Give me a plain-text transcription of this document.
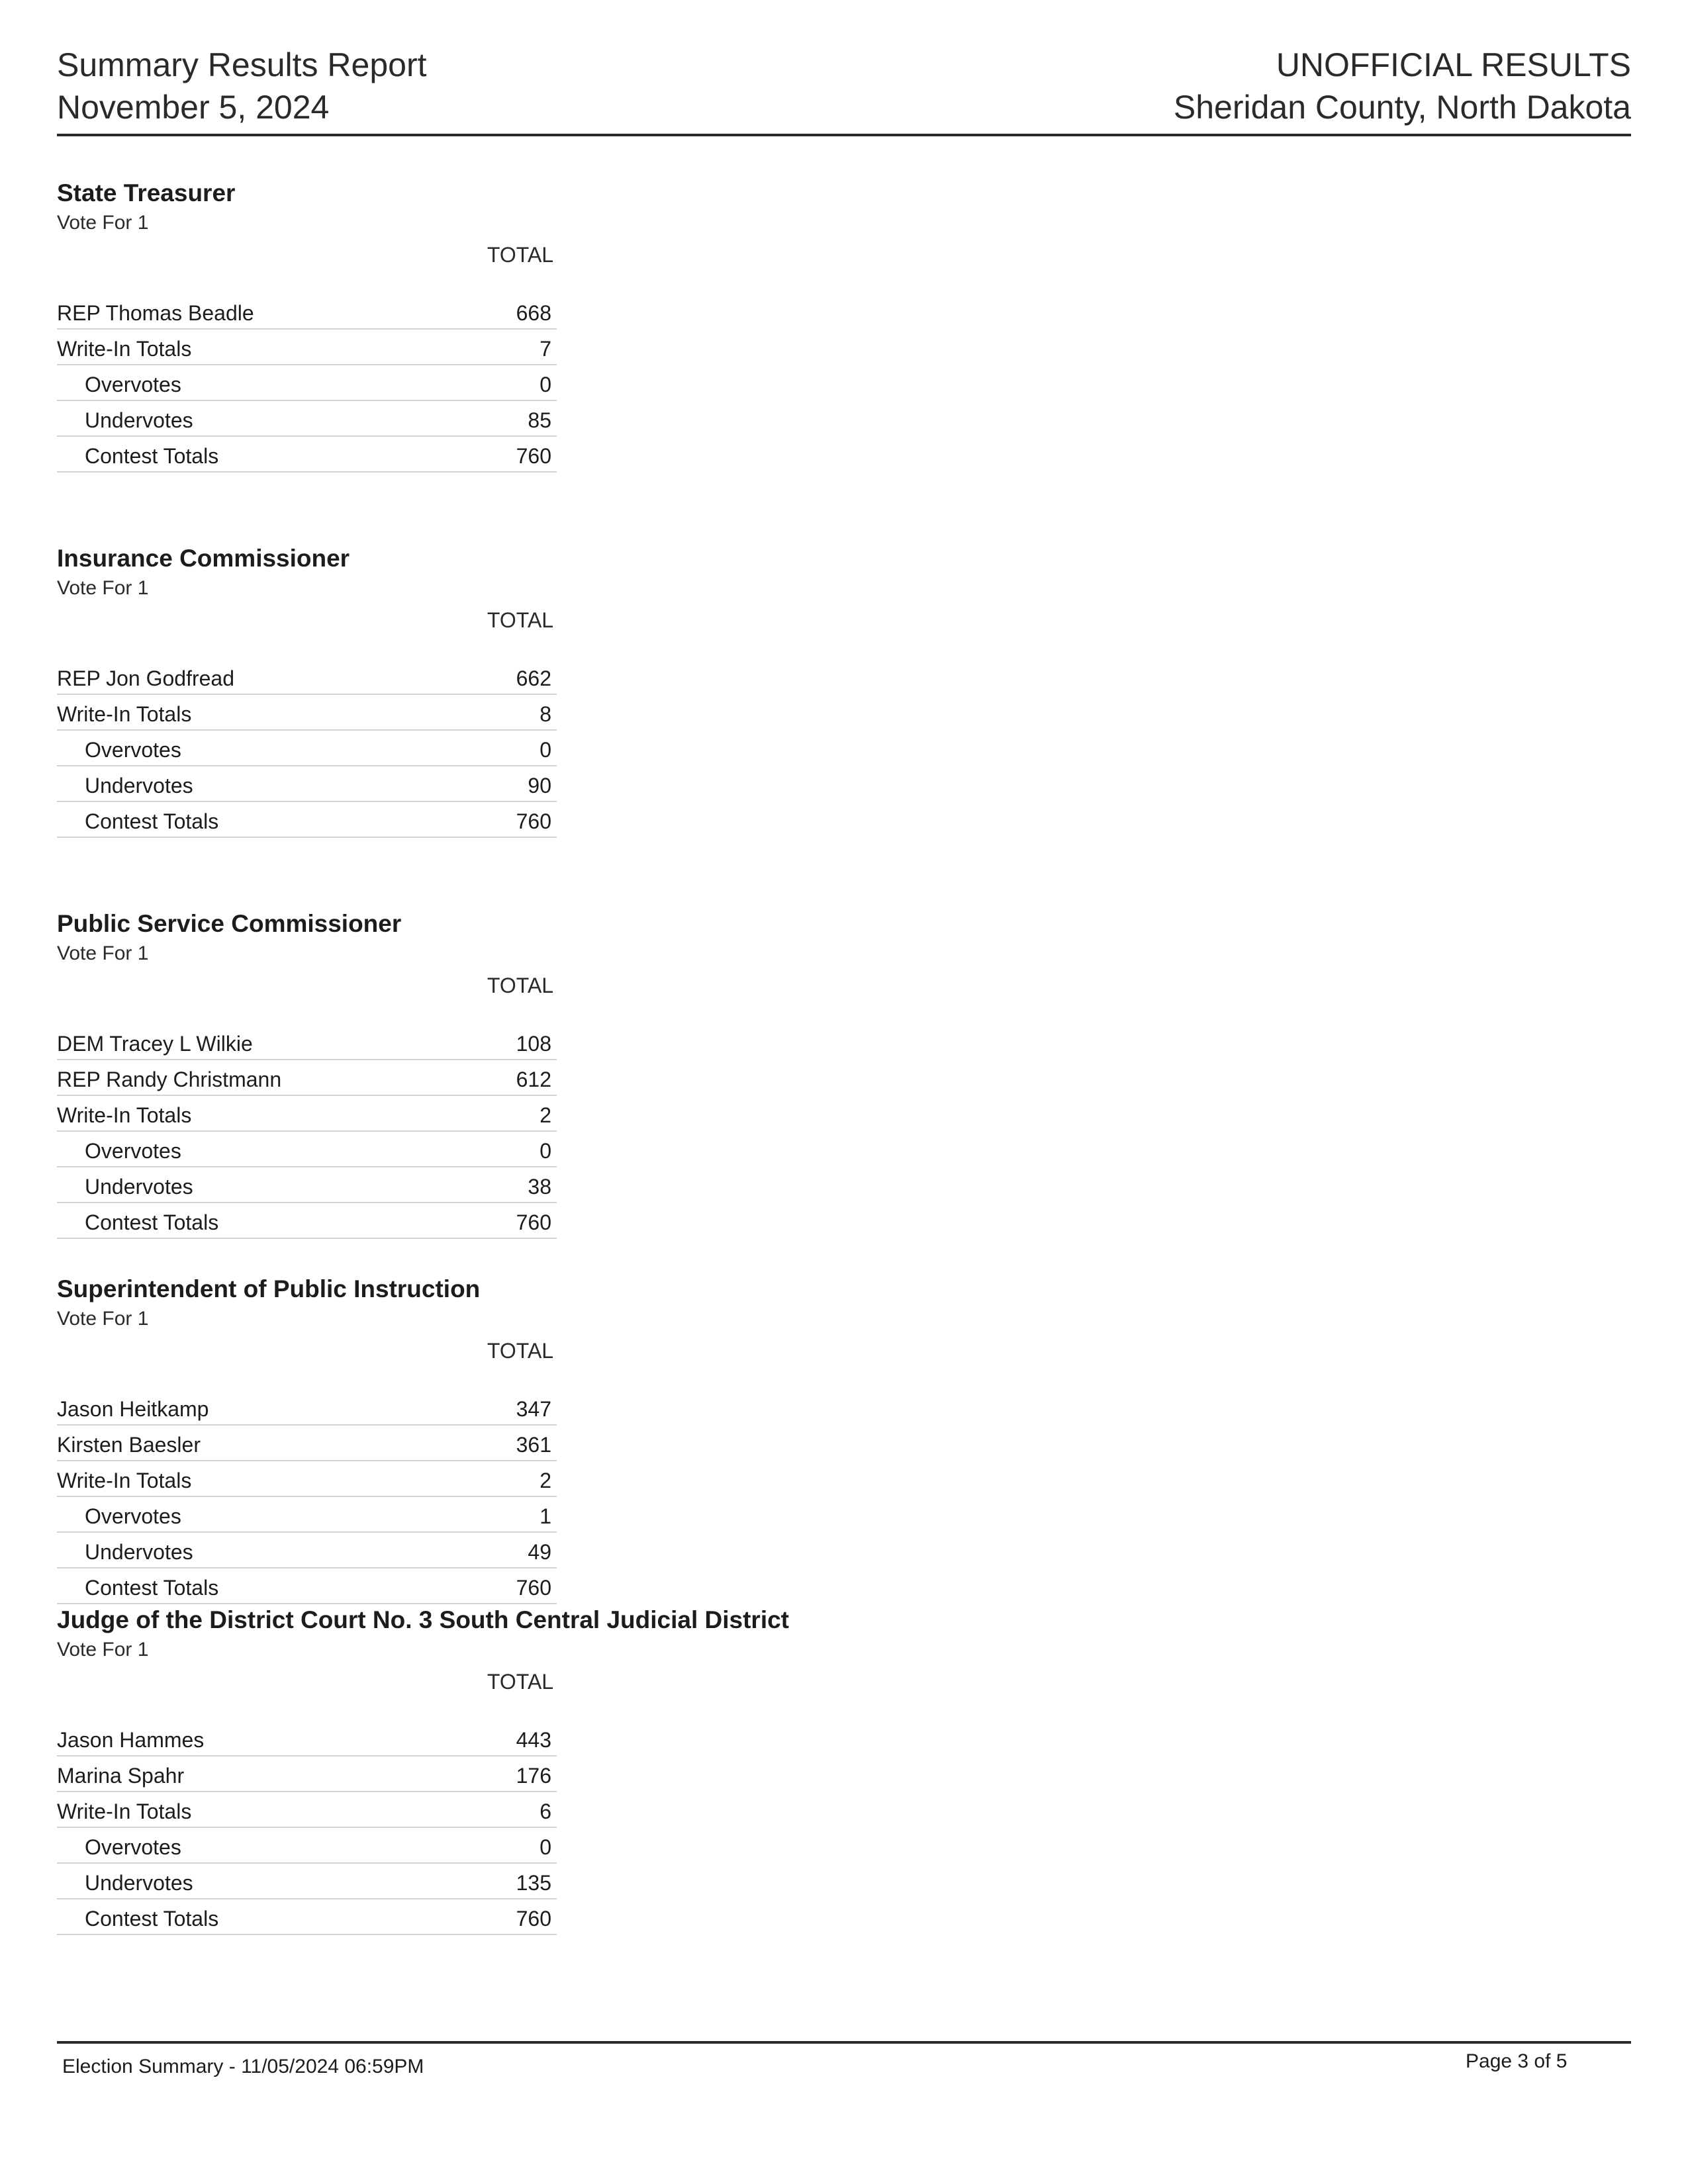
Summary Results Report
November 5, 2024
UNOFFICIAL RESULTS
Sheridan County, North Dakota
State Treasurer
Vote For 1
TOTAL
REP Thomas Beadle	668
Write-In Totals	7
Overvotes	0
Undervotes	85
Contest Totals	760
Insurance Commissioner
Vote For 1
TOTAL
REP Jon Godfread	662
Write-In Totals	8
Overvotes	0
Undervotes	90
Contest Totals	760
Public Service Commissioner
Vote For 1
TOTAL
DEM Tracey L Wilkie	108
REP Randy Christmann	612
Write-In Totals	2
Overvotes	0
Undervotes	38
Contest Totals	760
Superintendent of Public Instruction
Vote For 1
TOTAL
Jason Heitkamp	347
Kirsten Baesler	361
Write-In Totals	2
Overvotes	1
Undervotes	49
Contest Totals	760
Judge of the District Court No. 3 South Central Judicial District
Vote For 1
TOTAL
Jason Hammes	443
Marina Spahr	176
Write-In Totals	6
Overvotes	0
Undervotes	135
Contest Totals	760
Election Summary - 11/05/2024 06:59PM	Page 3 of 5
